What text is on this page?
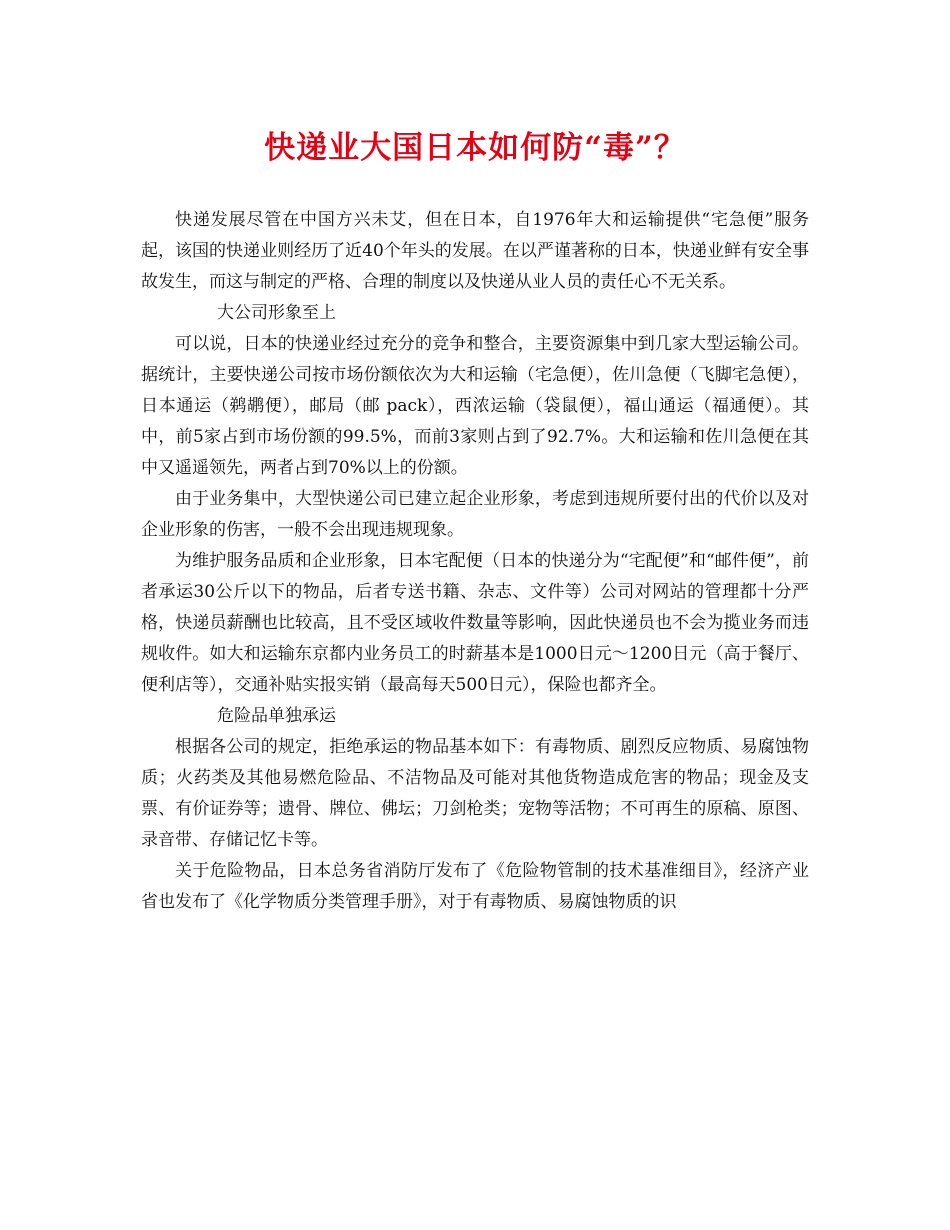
快递业大国日本如何防“毒”？

快递发展尽管在中国方兴未艾，但在日本，自1976年大和运输提供“宅急便”服务起，该国的快递业则经历了近40个年头的发展。在以严谨著称的日本，快递业鲜有安全事故发生，而这与制定的严格、合理的制度以及快递从业人员的责任心不无关系。

大公司形象至上

可以说，日本的快递业经过充分的竞争和整合，主要资源集中到几家大型运输公司。据统计，主要快递公司按市场份额依次为大和运输（宅急便），佐川急便（飞脚宅急便），日本通运（鹈鹕便），邮局（邮 pack），西浓运输（袋鼠便），福山通运（福通便）。其中，前5家占到市场份额的99.5%，而前3家则占到了92.7%。大和运输和佐川急便在其中又遥遥领先，两者占到70%以上的份额。

由于业务集中，大型快递公司已建立起企业形象，考虑到违规所要付出的代价以及对企业形象的伤害，一般不会出现违规现象。

为维护服务品质和企业形象，日本宅配便（日本的快递分为“宅配便”和“邮件便”，前者承运30公斤以下的物品，后者专送书籍、杂志、文件等）公司对网站的管理都十分严格，快递员薪酬也比较高，且不受区域收件数量等影响，因此快递员也不会为揽业务而违规收件。如大和运输东京都内业务员工的时薪基本是1000日元～1200日元（高于餐厅、便利店等），交通补贴实报实销（最高每天500日元），保险也都齐全。

危险品单独承运

根据各公司的规定，拒绝承运的物品基本如下：有毒物质、剧烈反应物质、易腐蚀物质；火药类及其他易燃危险品、不洁物品及可能对其他货物造成危害的物品；现金及支票、有价证券等；遗骨、牌位、佛坛；刀剑枪类；宠物等活物；不可再生的原稿、原图、录音带、存储记忆卡等。

关于危险物品，日本总务省消防厅发布了《危险物管制的技术基准细目》，经济产业省也发布了《化学物质分类管理手册》，对于有毒物质、易腐蚀物质的识
